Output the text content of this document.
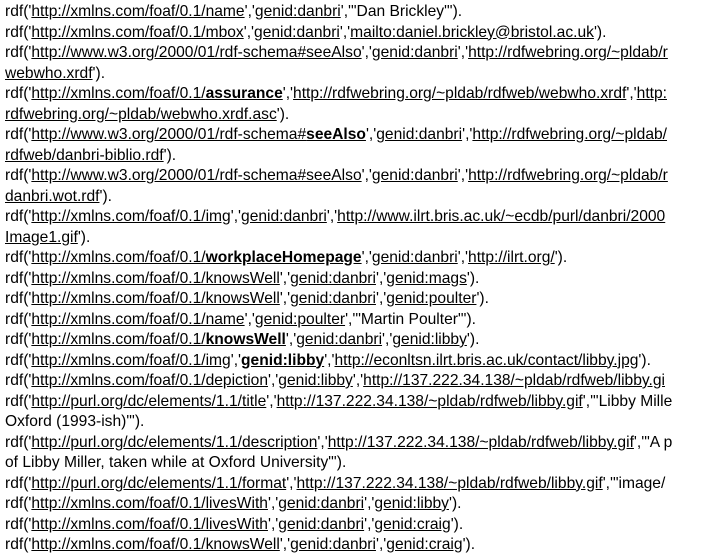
rdf('http://xmlns.com/foaf/0.1/name','genid:danbri','"Dan Brickley"').
rdf('http://xmlns.com/foaf/0.1/mbox','genid:danbri','mailto:daniel.brickley@bristol.ac.uk').
rdf('http://www.w3.org/2000/01/rdf-schema#seeAlso','genid:danbri','http://rdfwebring.org/~pldab/r
webwho.xrdf').
rdf('http://xmlns.com/foaf/0.1/assurance','http://rdfwebring.org/~pldab/rdfweb/webwho.xrdf','http:
rdfwebring.org/~pldab/webwho.xrdf.asc').
rdf('http://www.w3.org/2000/01/rdf-schema#seeAlso','genid:danbri','http://rdfwebring.org/~pldab/
rdfweb/danbri-biblio.rdf').
rdf('http://www.w3.org/2000/01/rdf-schema#seeAlso','genid:danbri','http://rdfwebring.org/~pldab/r
danbri.wot.rdf').
rdf('http://xmlns.com/foaf/0.1/img','genid:danbri','http://www.ilrt.bris.ac.uk/~ecdb/purl/danbri/2000
Image1.gif').
rdf('http://xmlns.com/foaf/0.1/workplaceHomepage','genid:danbri','http://ilrt.org/').
rdf('http://xmlns.com/foaf/0.1/knowsWell','genid:danbri','genid:mags').
rdf('http://xmlns.com/foaf/0.1/knowsWell','genid:danbri','genid:poulter').
rdf('http://xmlns.com/foaf/0.1/name','genid:poulter','"Martin Poulter"').
rdf('http://xmlns.com/foaf/0.1/knowsWell','genid:danbri','genid:libby').
rdf('http://xmlns.com/foaf/0.1/img','genid:libby','http://econltsn.ilrt.bris.ac.uk/contact/libby.jpg').
rdf('http://xmlns.com/foaf/0.1/depiction','genid:libby','http://137.222.34.138/~pldab/rdfweb/libby.gi
rdf('http://purl.org/dc/elements/1.1/title','http://137.222.34.138/~pldab/rdfweb/libby.gif','"Libby Mille
Oxford (1993-ish)"').
rdf('http://purl.org/dc/elements/1.1/description','http://137.222.34.138/~pldab/rdfweb/libby.gif','"A p
of Libby Miller, taken while at Oxford University"').
rdf('http://purl.org/dc/elements/1.1/format','http://137.222.34.138/~pldab/rdfweb/libby.gif','"image/
rdf('http://xmlns.com/foaf/0.1/livesWith','genid:danbri','genid:libby').
rdf('http://xmlns.com/foaf/0.1/livesWith','genid:danbri','genid:craig').
rdf('http://xmlns.com/foaf/0.1/knowsWell','genid:danbri','genid:craig').
